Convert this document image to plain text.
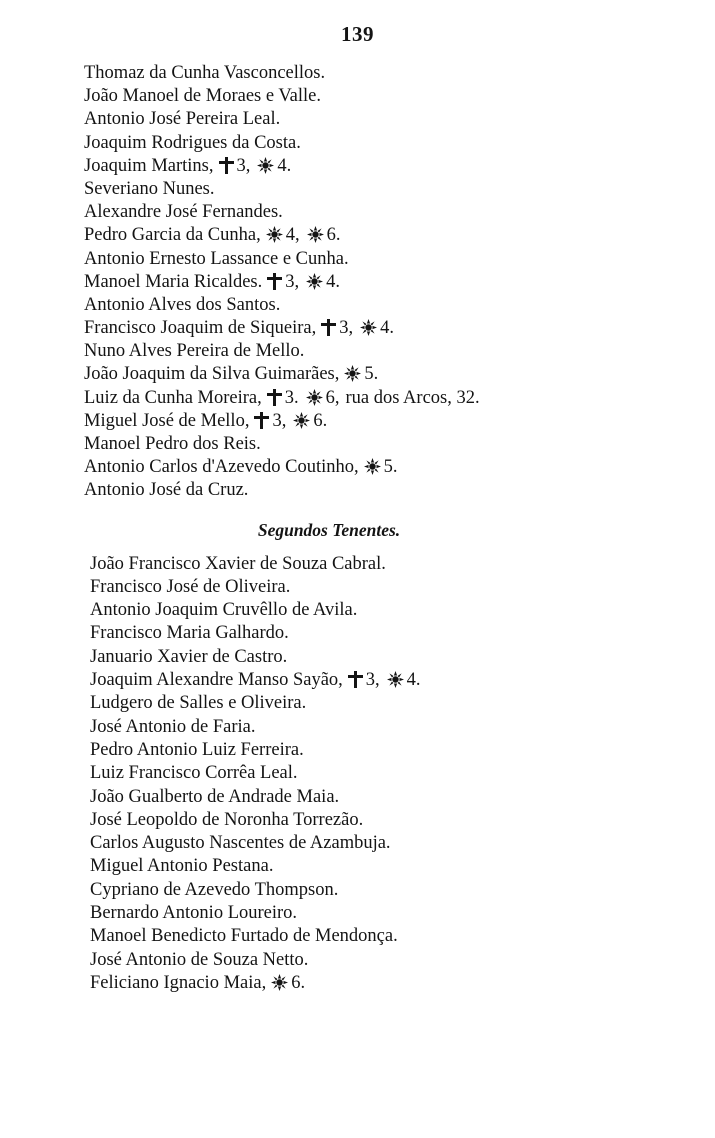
139
Thomaz da Cunha Vasconcellos.
João Manoel de Moraes e Valle.
Antonio José Pereira Leal.
Joaquim Rodrigues da Costa.
Joaquim Martins, 3, 4.
Severiano Nunes.
Alexandre José Fernandes.
Pedro Garcia da Cunha, 4, 6.
Antonio Ernesto Lassance e Cunha.
Manoel Maria Ricaldes. 3, 4.
Antonio Alves dos Santos.
Francisco Joaquim de Siqueira, 3, 4.
Nuno Alves Pereira de Mello.
João Joaquim da Silva Guimarães, 5.
Luiz da Cunha Moreira, 3. 6, rua dos Arcos, 32.
Miguel José de Mello, 3, 6.
Manoel Pedro dos Reis.
Antonio Carlos d'Azevedo Coutinho, 5.
Antonio José da Cruz.
Segundos Tenentes.
João Francisco Xavier de Souza Cabral.
Francisco José de Oliveira.
Antonio Joaquim Cruvêllo de Avila.
Francisco Maria Galhardo.
Januario Xavier de Castro.
Joaquim Alexandre Manso Sayão, 3, 4.
Ludgero de Salles e Oliveira.
José Antonio de Faria.
Pedro Antonio Luiz Ferreira.
Luiz Francisco Corrêa Leal.
João Gualberto de Andrade Maia.
José Leopoldo de Noronha Torrezão.
Carlos Augusto Nascentes de Azambuja.
Miguel Antonio Pestana.
Cypriano de Azevedo Thompson.
Bernardo Antonio Loureiro.
Manoel Benedicto Furtado de Mendonça.
José Antonio de Souza Netto.
Feliciano Ignacio Maia, 6.
